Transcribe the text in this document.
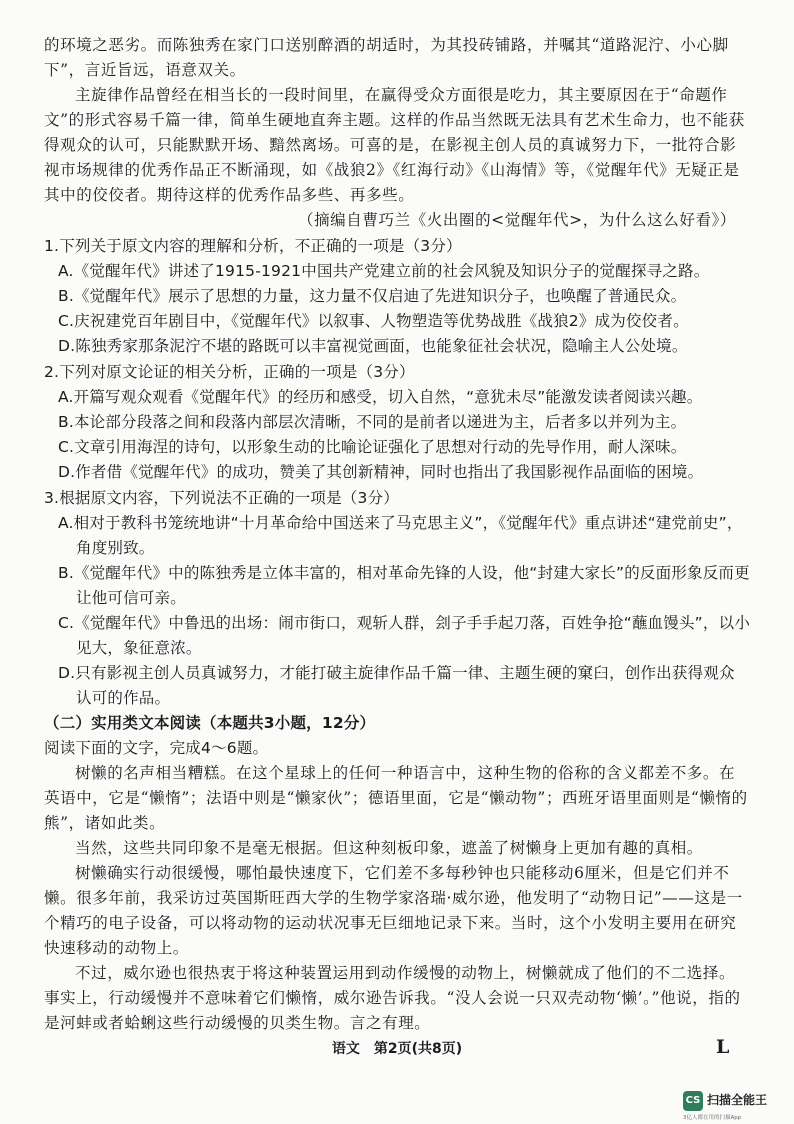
的环境之恶劣。而陈独秀在家门口送别醉酒的胡适时，为其投砖铺路，并嘱其“道路泥泞、小心脚下”，言近旨远，语意双关。

主旋律作品曾经在相当长的一段时间里，在赢得受众方面很是吃力，其主要原因在于“命题作文”的形式容易千篇一律，简单生硬地直奔主题。这样的作品当然既无法具有艺术生命力，也不能获得观众的认可，只能默默开场、黯然离场。可喜的是，在影视主创人员的真诚努力下，一批符合影视市场规律的优秀作品正不断涌现，如《战狼2》《红海行动》《山海情》等，《觉醒年代》无疑正是其中的佼佼者。期待这样的优秀作品多些、再多些。

（摘编自曹巧兰《火出圈的<觉醒年代>，为什么这么好看》）

1.下列关于原文内容的理解和分析，不正确的一项是（3分）

A.《觉醒年代》讲述了1915-1921中国共产党建立前的社会风貌及知识分子的觉醒探寻之路。

B.《觉醒年代》展示了思想的力量，这力量不仅启迪了先进知识分子，也唤醒了普通民众。

C.庆祝建党百年剧目中，《觉醒年代》以叙事、人物塑造等优势战胜《战狼2》成为佼佼者。

D.陈独秀家那条泥泞不堪的路既可以丰富视觉画面，也能象征社会状况，隐喻主人公处境。

2.下列对原文论证的相关分析，正确的一项是（3分）

A.开篇写观众观看《觉醒年代》的经历和感受，切入自然，“意犹未尽”能激发读者阅读兴趣。

B.本论部分段落之间和段落内部层次清晰，不同的是前者以递进为主，后者多以并列为主。

C.文章引用海涅的诗句，以形象生动的比喻论证强化了思想对行动的先导作用，耐人深味。

D.作者借《觉醒年代》的成功，赞美了其创新精神，同时也指出了我国影视作品面临的困境。

3.根据原文内容，下列说法不正确的一项是（3分）

A.相对于教科书笼统地讲“十月革命给中国送来了马克思主义”，《觉醒年代》重点讲述“建党前史”，角度别致。

B.《觉醒年代》中的陈独秀是立体丰富的，相对革命先锋的人设，他“封建大家长”的反面形象反而更让他可信可亲。

C.《觉醒年代》中鲁迅的出场：闹市街口，观斩人群，刽子手手起刀落，百姓争抢“蘸血馒头”，以小见大，象征意浓。

D.只有影视主创人员真诚努力，才能打破主旋律作品千篇一律、主题生硬的窠臼，创作出获得观众认可的作品。

（二）实用类文本阅读（本题共3小题，12分）

阅读下面的文字，完成4～6题。

树懒的名声相当糟糕。在这个星球上的任何一种语言中，这种生物的俗称的含义都差不多。在英语中，它是“懒惰”；法语中则是“懒家伙”；德语里面，它是“懒动物”；西班牙语里面则是“懒惰的熊”，诸如此类。

当然，这些共同印象不是毫无根据。但这种刻板印象，遮盖了树懒身上更加有趣的真相。

树懒确实行动很缓慢，哪怕最快速度下，它们差不多每秒钟也只能移动6厘米，但是它们并不懒。很多年前，我采访过英国斯旺西大学的生物学家洛瑞·威尔逊，他发明了“动物日记”——这是一个精巧的电子设备，可以将动物的运动状况事无巨细地记录下来。当时，这个小发明主要用在研究快速移动的动物上。

不过，威尔逊也很热衷于将这种装置运用到动作缓慢的动物上，树懒就成了他们的不二选择。事实上，行动缓慢并不意味着它们懒惰，威尔逊告诉我。“没人会说一只双壳动物‘懒’。”他说，指的是河蚌或者蛤蜊这些行动缓慢的贝类生物。言之有理。

语文　第2页(共8页)	L
CS 扫描全能王
3亿人都在用的扫描App
